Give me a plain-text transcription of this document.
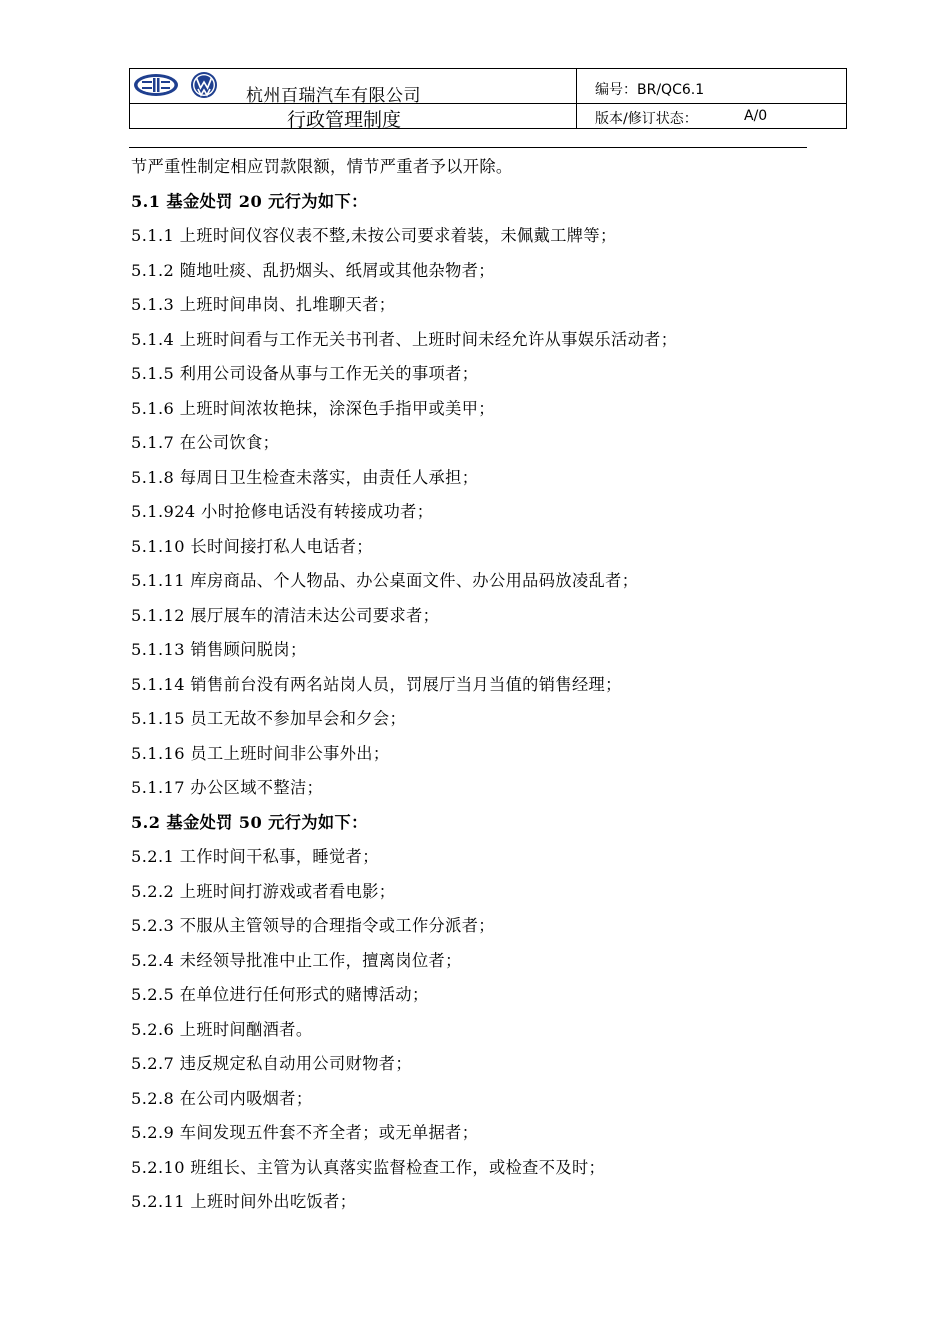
杭州百瑞汽车有限公司
行政管理制度
编号：BR/QC6.1
版本/修订状态：	A/0
节严重性制定相应罚款限额，情节严重者予以开除。
5.1 基金处罚 20 元行为如下：
5.1.1 上班时间仪容仪表不整,未按公司要求着装，未佩戴工牌等；
5.1.2 随地吐痰、乱扔烟头、纸屑或其他杂物者；
5.1.3 上班时间串岗、扎堆聊天者；
5.1.4 上班时间看与工作无关书刊者、上班时间未经允许从事娱乐活动者；
5.1.5 利用公司设备从事与工作无关的事项者；
5.1.6 上班时间浓妆艳抹，涂深色手指甲或美甲；
5.1.7 在公司饮食；
5.1.8 每周日卫生检查未落实，由责任人承担；
5.1.924 小时抢修电话没有转接成功者；
5.1.10 长时间接打私人电话者；
5.1.11 库房商品、个人物品、办公桌面文件、办公用品码放凌乱者；
5.1.12 展厅展车的清洁未达公司要求者；
5.1.13 销售顾问脱岗；
5.1.14 销售前台没有两名站岗人员，罚展厅当月当值的销售经理；
5.1.15 员工无故不参加早会和夕会；
5.1.16 员工上班时间非公事外出；
5.1.17 办公区域不整洁；
5.2 基金处罚 50 元行为如下：
5.2.1 工作时间干私事，睡觉者；
5.2.2 上班时间打游戏或者看电影；
5.2.3 不服从主管领导的合理指令或工作分派者；
5.2.4 未经领导批准中止工作，擅离岗位者；
5.2.5 在单位进行任何形式的赌博活动；
5.2.6 上班时间酗酒者。
5.2.7 违反规定私自动用公司财物者；
5.2.8 在公司内吸烟者；
5.2.9 车间发现五件套不齐全者；或无单据者；
5.2.10 班组长、主管为认真落实监督检查工作，或检查不及时；
5.2.11 上班时间外出吃饭者；
